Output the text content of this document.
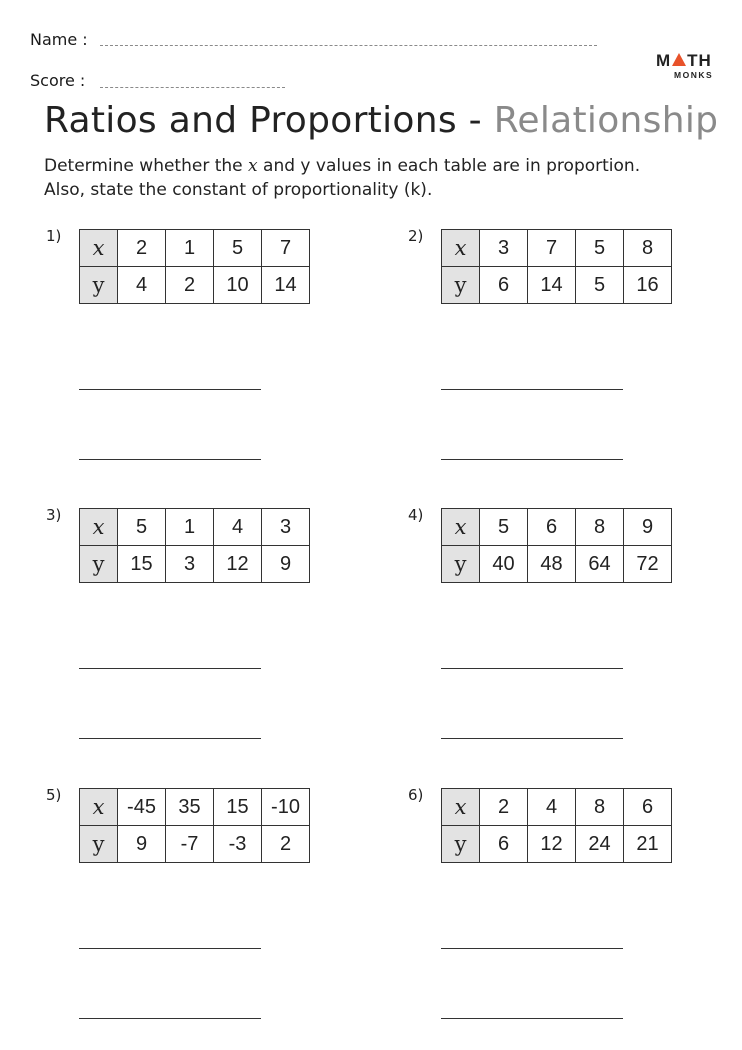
Name :
Score :
M TH
MONKS
Ratios and Proportions - Relationship
Determine whether the x and y values in each table are in proportion.
Also, state the constant of proportionality (k).
1) x	2	1	5	7
y	4	2	10	14
2) x	3	7	5	8
y	6	14	5	16
3) x	5	1	4	3
y	15	3	12	9
4) x	5	6	8	9
y	40	48	64	72
5) x	-45	35	15	-10
y	9	-7	-3	2
6) x	2	4	8	6
y	6	12	24	21
